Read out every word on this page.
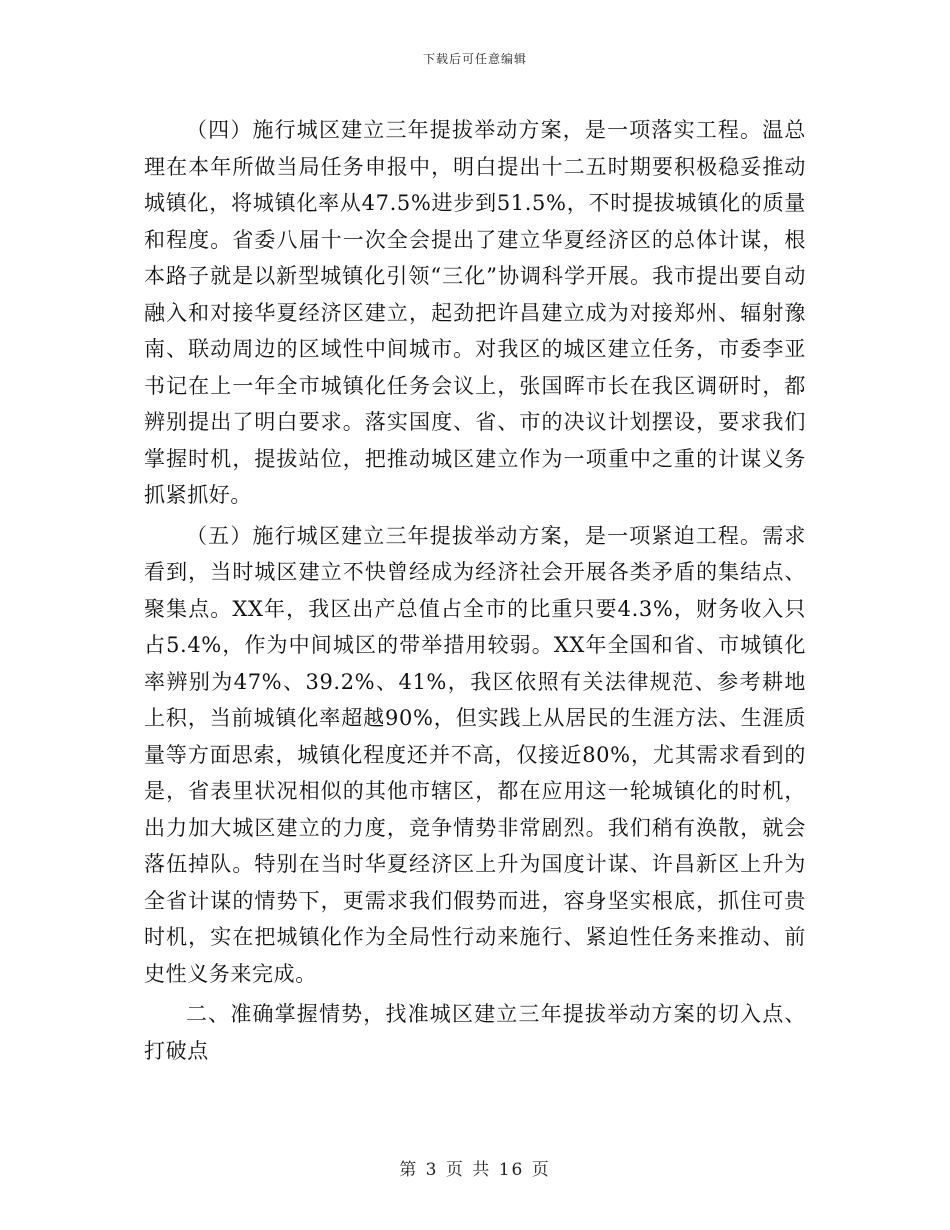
下载后可任意编辑

（四）施行城区建立三年提拔举动方案，是一项落实工程。温总理在本年所做当局任务申报中，明白提出十二五时期要积极稳妥推动城镇化，将城镇化率从47.5%进步到51.5%，不时提拔城镇化的质量和程度。省委八届十一次全会提出了建立华夏经济区的总体计谋，根本路子就是以新型城镇化引领“三化”协调科学开展。我市提出要自动融入和对接华夏经济区建立，起劲把许昌建立成为对接郑州、辐射豫南、联动周边的区域性中间城市。对我区的城区建立任务，市委李亚书记在上一年全市城镇化任务会议上，张国晖市长在我区调研时，都辨别提出了明白要求。落实国度、省、市的决议计划摆设，要求我们掌握时机，提拔站位，把推动城区建立作为一项重中之重的计谋义务抓紧抓好。

（五）施行城区建立三年提拔举动方案，是一项紧迫工程。需求看到，当时城区建立不快曾经成为经济社会开展各类矛盾的集结点、聚集点。XX年，我区出产总值占全市的比重只要4.3%，财务收入只占5.4%，作为中间城区的带举措用较弱。XX年全国和省、市城镇化率辨别为47%、39.2%、41%，我区依照有关法律规范、参考耕地上积，当前城镇化率超越90%，但实践上从居民的生涯方法、生涯质量等方面思索，城镇化程度还并不高，仅接近80%，尤其需求看到的是，省表里状况相似的其他市辖区，都在应用这一轮城镇化的时机，出力加大城区建立的力度，竞争情势非常剧烈。我们稍有涣散，就会落伍掉队。特别在当时华夏经济区上升为国度计谋、许昌新区上升为全省计谋的情势下，更需求我们假势而进，容身坚实根底，抓住可贵时机，实在把城镇化作为全局性行动来施行、紧迫性任务来推动、前史性义务来完成。

二、准确掌握情势，找准城区建立三年提拔举动方案的切入点、打破点

第 3 页 共 16 页
